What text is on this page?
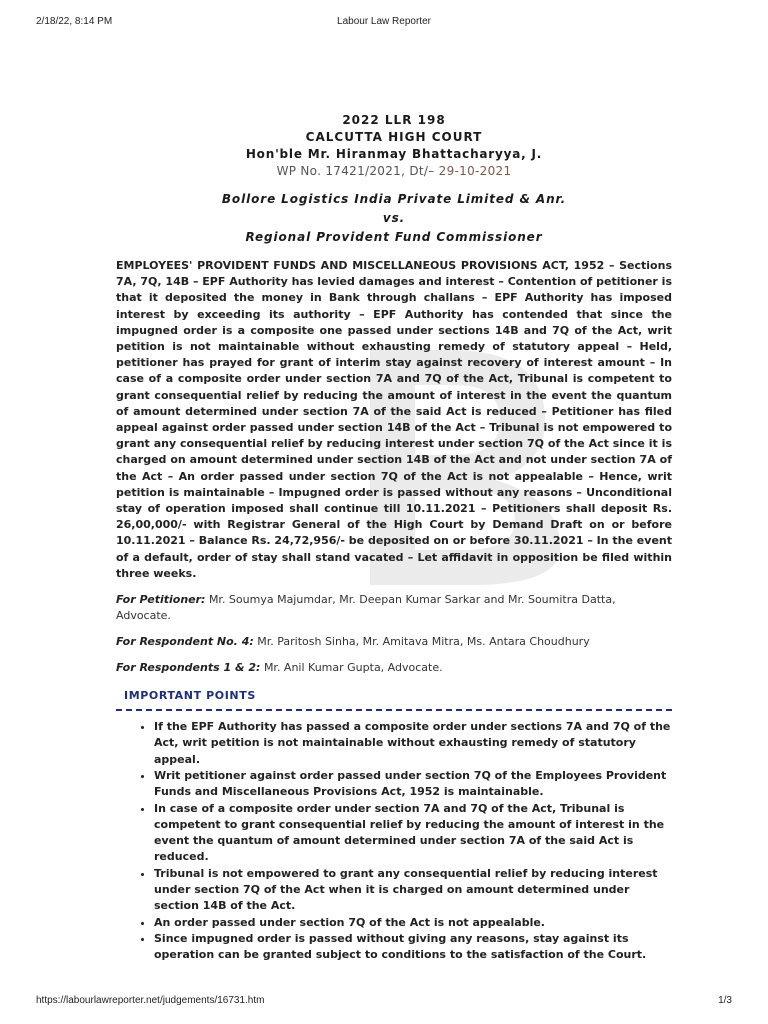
2/18/22, 8:14 PM	Labour Law Reporter
2022 LLR 198
CALCUTTA HIGH COURT
Hon'ble Mr. Hiranmay Bhattacharyya, J.
WP No. 17421/2021, Dt/– 29-10-2021
Bollore Logistics India Private Limited & Anr.
vs.
Regional Provident Fund Commissioner
EMPLOYEES' PROVIDENT FUNDS AND MISCELLANEOUS PROVISIONS ACT, 1952 – Sections 7A, 7Q, 14B – EPF Authority has levied damages and interest – Contention of petitioner is that it deposited the money in Bank through challans – EPF Authority has imposed interest by exceeding its authority – EPF Authority has contended that since the impugned order is a composite one passed under sections 14B and 7Q of the Act, writ petition is not maintainable without exhausting remedy of statutory appeal – Held, petitioner has prayed for grant of interim stay against recovery of interest amount – In case of a composite order under section 7A and 7Q of the Act, Tribunal is competent to grant consequential relief by reducing the amount of interest in the event the quantum of amount determined under section 7A of the said Act is reduced – Petitioner has filed appeal against order passed under section 14B of the Act – Tribunal is not empowered to grant any consequential relief by reducing interest under section 7Q of the Act since it is charged on amount determined under section 14B of the Act and not under section 7A of the Act – An order passed under section 7Q of the Act is not appealable – Hence, writ petition is maintainable – Impugned order is passed without any reasons – Unconditional stay of operation imposed shall continue till 10.11.2021 – Petitioners shall deposit Rs. 26,00,000/- with Registrar General of the High Court by Demand Draft on or before 10.11.2021 – Balance Rs. 24,72,956/- be deposited on or before 30.11.2021 – In the event of a default, order of stay shall stand vacated – Let affidavit in opposition be filed within three weeks.
For Petitioner: Mr. Soumya Majumdar, Mr. Deepan Kumar Sarkar and Mr. Soumitra Datta, Advocate.
For Respondent No. 4: Mr. Paritosh Sinha, Mr. Amitava Mitra, Ms. Antara Choudhury
For Respondents 1 & 2: Mr. Anil Kumar Gupta, Advocate.
IMPORTANT POINTS
• If the EPF Authority has passed a composite order under sections 7A and 7Q of the Act, writ petition is not maintainable without exhausting remedy of statutory appeal.
• Writ petitioner against order passed under section 7Q of the Employees Provident Funds and Miscellaneous Provisions Act, 1952 is maintainable.
• In case of a composite order under section 7A and 7Q of the Act, Tribunal is competent to grant consequential relief by reducing the amount of interest in the event the quantum of amount determined under section 7A of the said Act is reduced.
• Tribunal is not empowered to grant any consequential relief by reducing interest under section 7Q of the Act when it is charged on amount determined under section 14B of the Act.
• An order passed under section 7Q of the Act is not appealable.
• Since impugned order is passed without giving any reasons, stay against its operation can be granted subject to conditions to the satisfaction of the Court.
https://labourlawreporter.net/judgements/16731.htm	1/3
